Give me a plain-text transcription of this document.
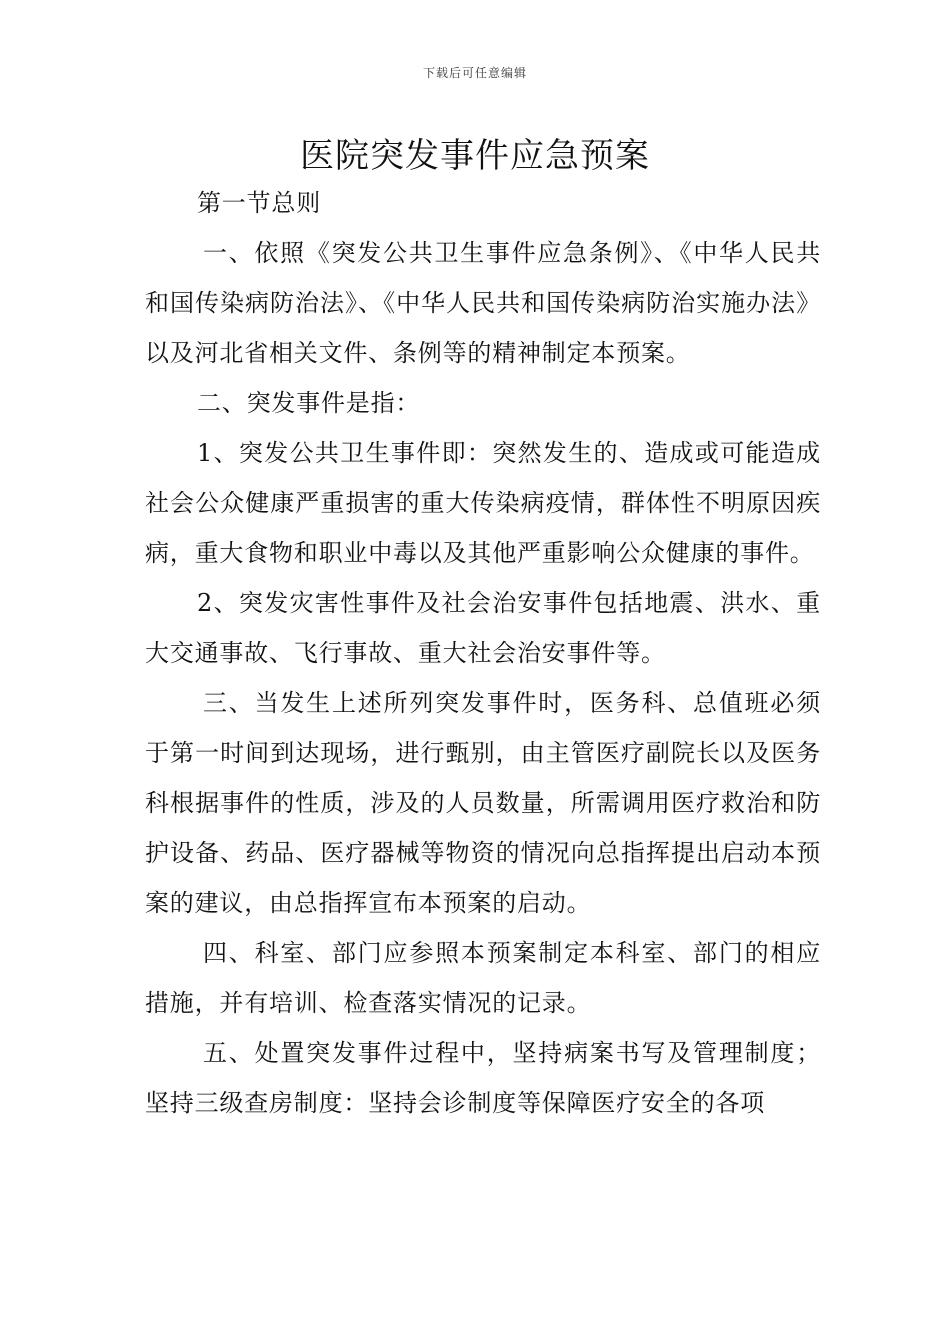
下载后可任意编辑
医院突发事件应急预案

第一节总则

一、依照《突发公共卫生事件应急条例》、《中华人民共和国传染病防治法》、《中华人民共和国传染病防治实施办法》以及河北省相关文件、条例等的精神制定本预案。

二、突发事件是指：

1、突发公共卫生事件即：突然发生的、造成或可能造成社会公众健康严重损害的重大传染病疫情，群体性不明原因疾病，重大食物和职业中毒以及其他严重影响公众健康的事件。

2、突发灾害性事件及社会治安事件包括地震、洪水、重大交通事故、飞行事故、重大社会治安事件等。

三、当发生上述所列突发事件时，医务科、总值班必须于第一时间到达现场，进行甄别，由主管医疗副院长以及医务科根据事件的性质，涉及的人员数量，所需调用医疗救治和防护设备、药品、医疗器械等物资的情况向总指挥提出启动本预案的建议，由总指挥宣布本预案的启动。

四、科室、部门应参照本预案制定本科室、部门的相应措施，并有培训、检查落实情况的记录。

五、处置突发事件过程中，坚持病案书写及管理制度；坚持三级查房制度：坚持会诊制度等保障医疗安全的各项
